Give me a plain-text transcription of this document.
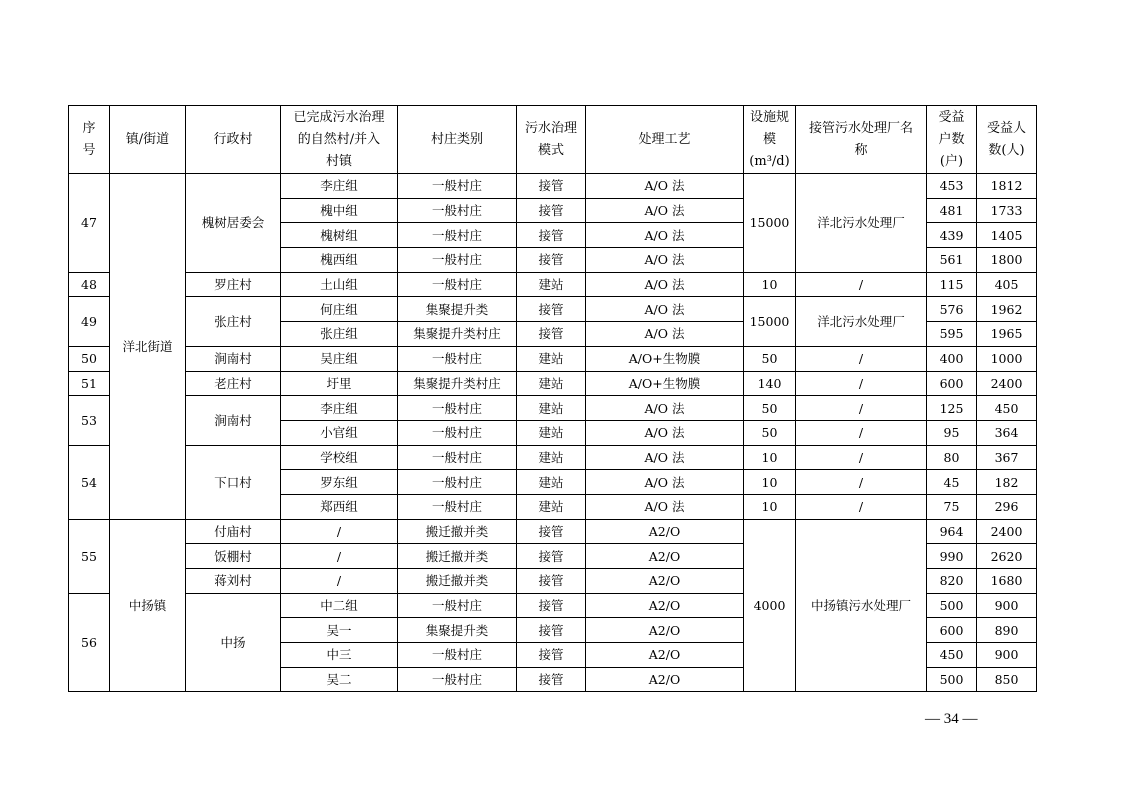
序号	镇/街道	行政村	已完成污水治理的自然村/并入村镇	村庄类别	污水治理模式	处理工艺	设施规模(m³/d)	接管污水处理厂名称	受益户数(户)	受益人数(人)
47	洋北街道	槐树居委会	李庄组	一般村庄	接管	A/O 法	15000	洋北污水处理厂	453	1812
			槐中组	一般村庄	接管	A/O 法			481	1733
			槐树组	一般村庄	接管	A/O 法			439	1405
			槐西组	一般村庄	接管	A/O 法			561	1800
48		罗庄村	土山组	一般村庄	建站	A/O 法	10	/	115	405
49		张庄村	何庄组	集聚提升类	接管	A/O 法	15000	洋北污水处理厂	576	1962
			张庄组	集聚提升类村庄	接管	A/O 法			595	1965
50		涧南村	吴庄组	一般村庄	建站	A/O+生物膜	50	/	400	1000
51		老庄村	圩里	集聚提升类村庄	建站	A/O+生物膜	140	/	600	2400
53		涧南村	李庄组	一般村庄	建站	A/O 法	50	/	125	450
			小官组	一般村庄	建站	A/O 法	50	/	95	364
54		下口村	学校组	一般村庄	建站	A/O 法	10	/	80	367
			罗东组	一般村庄	建站	A/O 法	10	/	45	182
			郑西组	一般村庄	建站	A/O 法	10	/	75	296
55	中扬镇	付庙村	/	搬迁撤并类	接管	A2/O	4000	中扬镇污水处理厂	964	2400
		饭棚村	/	搬迁撤并类	接管	A2/O			990	2620
		蒋刘村	/	搬迁撤并类	接管	A2/O			820	1680
56		中扬	中二组	一般村庄	接管	A2/O			500	900
			吴一	集聚提升类	接管	A2/O			600	890
			中三	一般村庄	接管	A2/O			450	900
			吴二	一般村庄	接管	A2/O			500	850
— 34 —
